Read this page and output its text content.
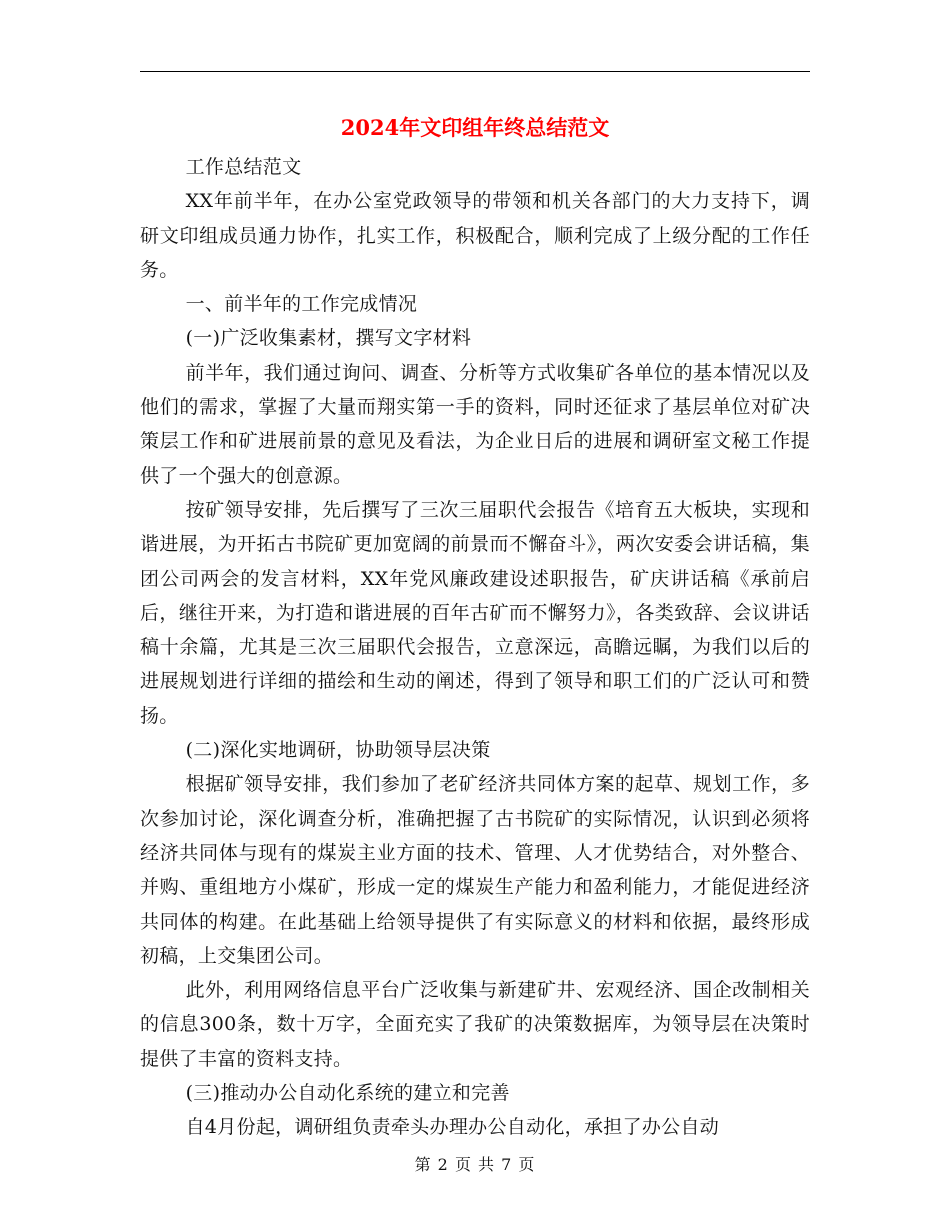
2024年文印组年终总结范文

工作总结范文

XX年前半年，在办公室党政领导的带领和机关各部门的大力支持下，调研文印组成员通力协作，扎实工作，积极配合，顺利完成了上级分配的工作任务。

一、前半年的工作完成情况

(一)广泛收集素材，撰写文字材料

前半年，我们通过询问、调查、分析等方式收集矿各单位的基本情况以及他们的需求，掌握了大量而翔实第一手的资料，同时还征求了基层单位对矿决策层工作和矿进展前景的意见及看法，为企业日后的进展和调研室文秘工作提供了一个强大的创意源。

按矿领导安排，先后撰写了三次三届职代会报告《培育五大板块，实现和谐进展，为开拓古书院矿更加宽阔的前景而不懈奋斗》，两次安委会讲话稿，集团公司两会的发言材料，XX年党风廉政建设述职报告，矿庆讲话稿《承前启后，继往开来，为打造和谐进展的百年古矿而不懈努力》，各类致辞、会议讲话稿十余篇，尤其是三次三届职代会报告，立意深远，高瞻远瞩，为我们以后的进展规划进行详细的描绘和生动的阐述，得到了领导和职工们的广泛认可和赞扬。

(二)深化实地调研，协助领导层决策

根据矿领导安排，我们参加了老矿经济共同体方案的起草、规划工作，多次参加讨论，深化调查分析，准确把握了古书院矿的实际情况，认识到必须将经济共同体与现有的煤炭主业方面的技术、管理、人才优势结合，对外整合、并购、重组地方小煤矿，形成一定的煤炭生产能力和盈利能力，才能促进经济共同体的构建。在此基础上给领导提供了有实际意义的材料和依据，最终形成初稿，上交集团公司。

此外，利用网络信息平台广泛收集与新建矿井、宏观经济、国企改制相关的信息300条，数十万字，全面充实了我矿的决策数据库，为领导层在决策时提供了丰富的资料支持。

(三)推动办公自动化系统的建立和完善

自4月份起，调研组负责牵头办理办公自动化，承担了办公自动

第 2 页 共 7 页
